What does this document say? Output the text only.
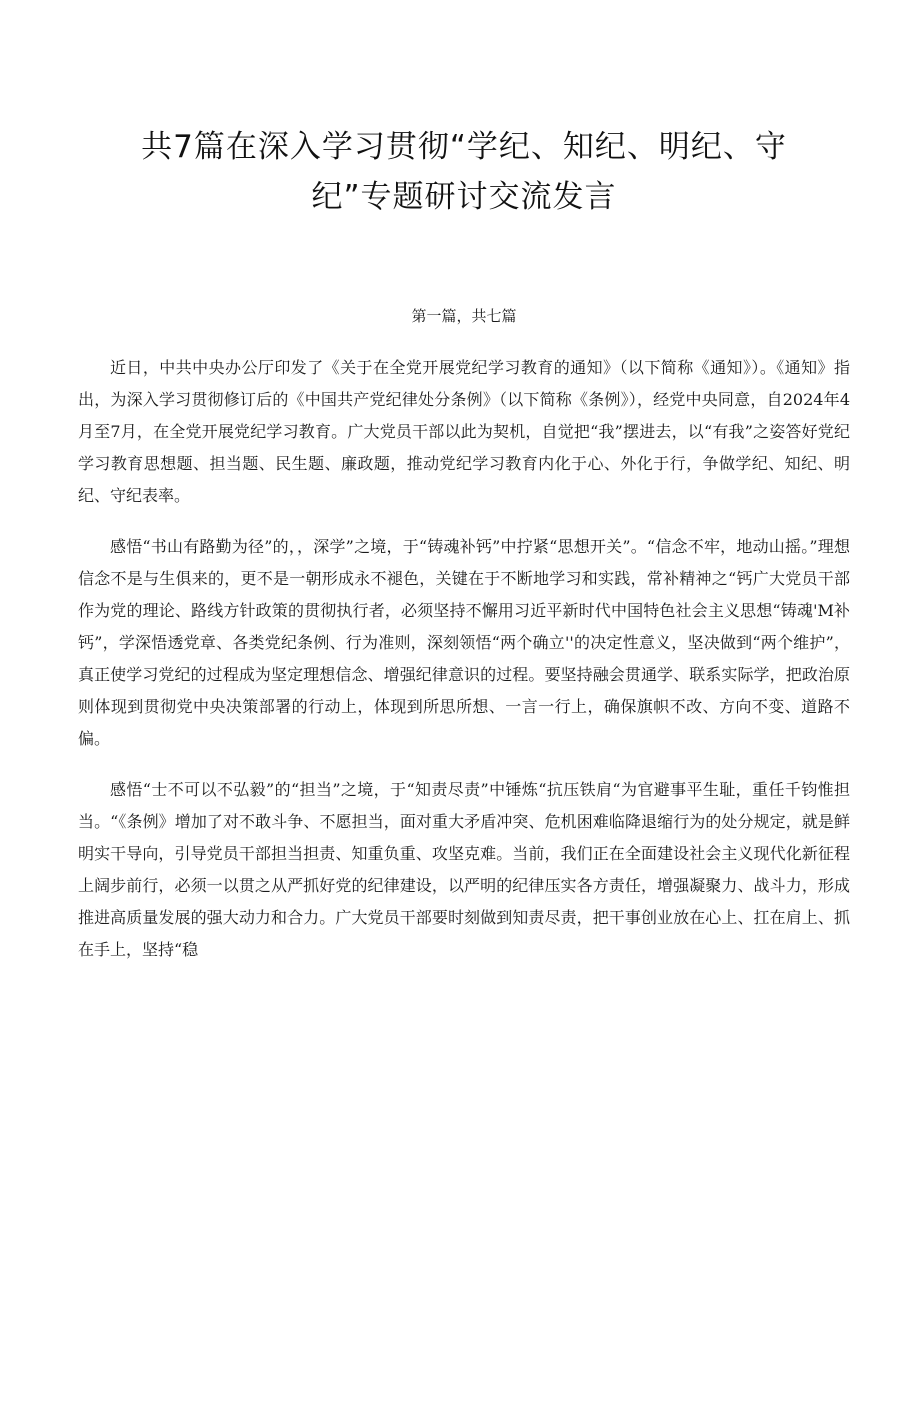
共7篇在深入学习贯彻“学纪、知纪、明纪、守纪”专题研讨交流发言
第一篇，共七篇

近日，中共中央办公厅印发了《关于在全党开展党纪学习教育的通知》（以下简称《通知》）。《通知》指出，为深入学习贯彻修订后的《中国共产党纪律处分条例》（以下简称《条例》），经党中央同意，自2024年4月至7月，在全党开展党纪学习教育。广大党员干部以此为契机，自觉把“我”摆进去，以“有我”之姿答好党纪学习教育思想题、担当题、民生题、廉政题，推动党纪学习教育内化于心、外化于行，争做学纪、知纪、明纪、守纪表率。

感悟“书山有路勤为径”的，，深学”之境，于“铸魂补钙”中拧紧“思想开关”。“信念不牢，地动山摇。”理想信念不是与生俱来的，更不是一朝形成永不褪色，关键在于不断地学习和实践，常补精神之“钙广大党员干部作为党的理论、路线方针政策的贯彻执行者，必须坚持不懈用习近平新时代中国特色社会主义思想“铸魂'M补钙”，学深悟透党章、各类党纪条例、行为准则，深刻领悟“两个确立''的决定性意义，坚决做到“两个维护”，真正使学习党纪的过程成为坚定理想信念、增强纪律意识的过程。要坚持融会贯通学、联系实际学，把政治原则体现到贯彻党中央决策部署的行动上，体现到所思所想、一言一行上，确保旗帜不改、方向不变、道路不偏。

感悟“士不可以不弘毅”的“担当”之境，于“知责尽责”中锤炼“抗压铁肩“为官避事平生耻，重任千钧惟担当。“《条例》增加了对不敢斗争、不愿担当，面对重大矛盾冲突、危机困难临降退缩行为的处分规定，就是鲜明实干导向，引导党员干部担当担责、知重负重、攻坚克难。当前，我们正在全面建设社会主义现代化新征程上阔步前行，必须一以贯之从严抓好党的纪律建设，以严明的纪律压实各方责任，增强凝聚力、战斗力，形成推进高质量发展的强大动力和合力。广大党员干部要时刻做到知责尽责，把干事创业放在心上、扛在肩上、抓在手上，坚持“稳
